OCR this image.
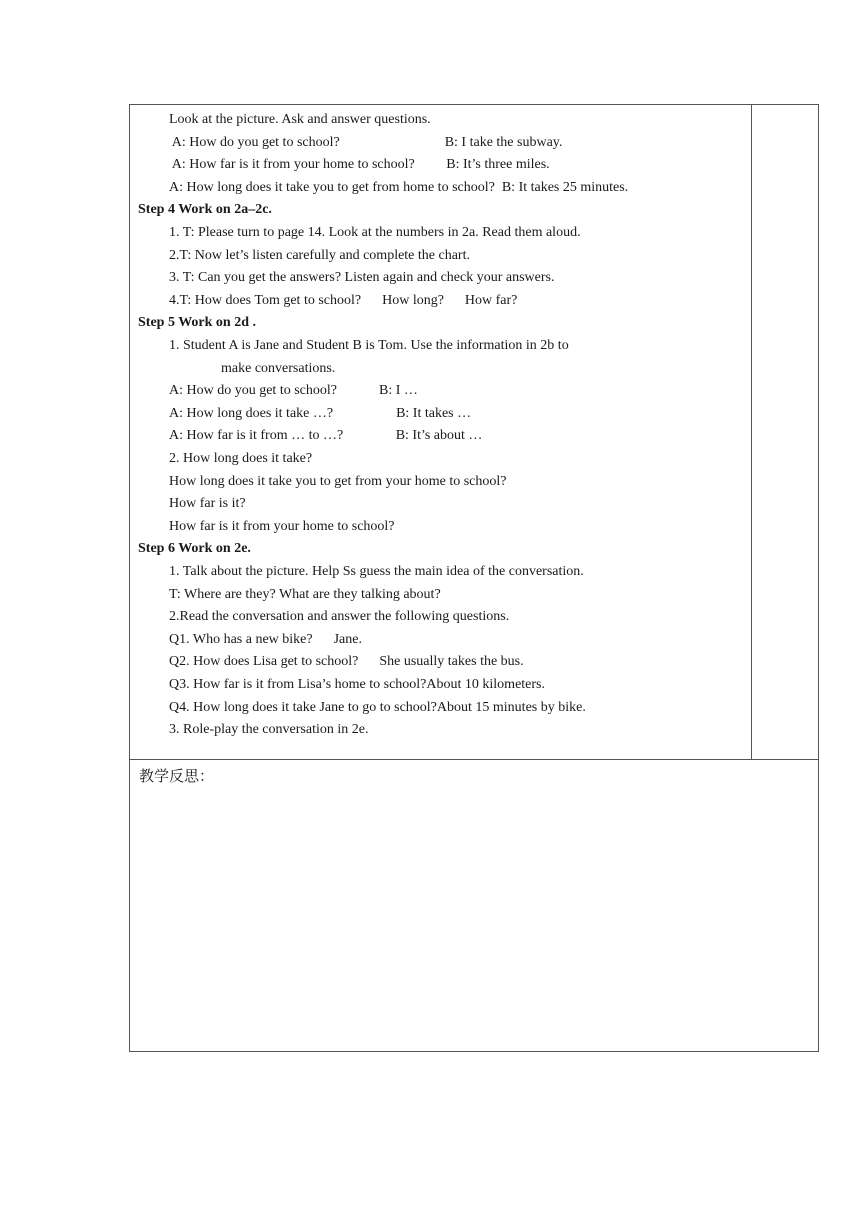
Look at the picture. Ask and answer questions.
A: How do you get to school?                              B: I take the subway.
A: How far is it from your home to school?         B: It’s three miles.
A: How long does it take you to get from home to school?  B: It takes 25 minutes.
Step 4 Work on 2a–2c.
1. T: Please turn to page 14. Look at the numbers in 2a. Read them aloud.
2.T: Now let’s listen carefully and complete the chart.
3. T: Can you get the answers? Listen again and check your answers.
4.T: How does Tom get to school?      How long?      How far?
Step 5 Work on 2d .
1. Student A is Jane and Student B is Tom. Use the information in 2b to
make conversations.
A: How do you get to school?            B: I …
A: How long does it take …?                  B: It takes …
A: How far is it from … to …?               B: It’s about …
2. How long does it take?
How long does it take you to get from your home to school?
How far is it?
How far is it from your home to school?
Step 6 Work on 2e.
1. Talk about the picture. Help Ss guess the main idea of the conversation.
T: Where are they? What are they talking about?
2.Read the conversation and answer the following questions.
Q1. Who has a new bike?      Jane.
Q2. How does Lisa get to school?      She usually takes the bus.
Q3. How far is it from Lisa’s home to school?About 10 kilometers.
Q4. How long does it take Jane to go to school?About 15 minutes by bike.
3. Role-play the conversation in 2e.
教学反思：
